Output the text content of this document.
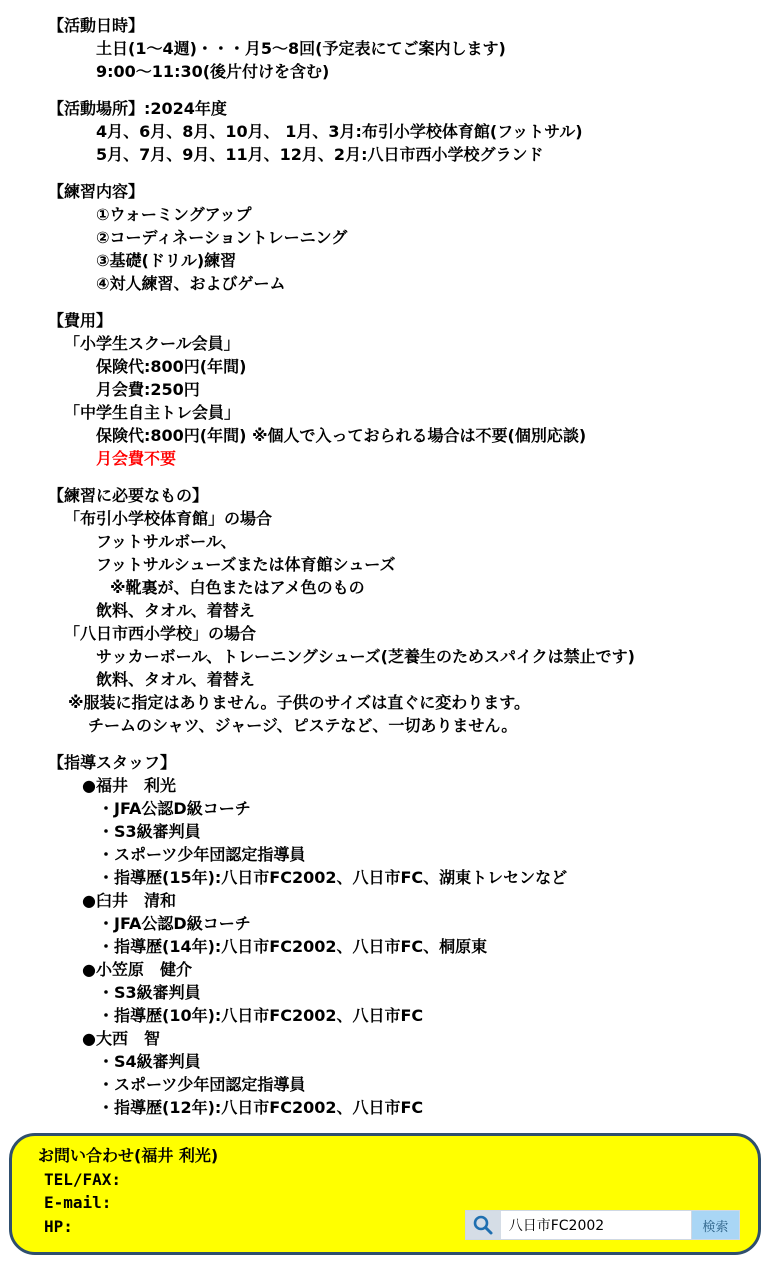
【活動日時】
土日(1～4週)・・・月5～8回(予定表にてご案内します)
9:00～11:30(後片付けを含む)
【活動場所】:2024年度
4月、6月、8月、10月、 1月、3月:布引小学校体育館(フットサル)
5月、7月、9月、11月、12月、2月:八日市西小学校グランド
【練習内容】
①ウォーミングアップ
②コーディネーショントレーニング
③基礎(ドリル)練習
④対人練習、およびゲーム
【費用】
「小学生スクール会員」
保険代:800円(年間)
月会費:250円
「中学生自主トレ会員」
保険代:800円(年間) ※個人で入っておられる場合は不要(個別応談)
月会費不要
【練習に必要なもの】
「布引小学校体育館」の場合
フットサルボール、
フットサルシューズまたは体育館シューズ
※靴裏が、白色またはアメ色のもの
飲料、タオル、着替え
「八日市西小学校」の場合
サッカーボール、トレーニングシューズ(芝養生のためスパイクは禁止です)
飲料、タオル、着替え
※服装に指定はありません。子供のサイズは直ぐに変わります。
チームのシャツ、ジャージ、ピステなど、一切ありません。
【指導スタッフ】
●福井　利光
・JFA公認D級コーチ
・S3級審判員
・スポーツ少年団認定指導員
・指導歴(15年):八日市FC2002、八日市FC、湖東トレセンなど
●臼井　清和
・JFA公認D級コーチ
・指導歴(14年):八日市FC2002、八日市FC、桐原東
●小笠原　健介
・S3級審判員
・指導歴(10年):八日市FC2002、八日市FC
●大西　智
・S4級審判員
・スポーツ少年団認定指導員
・指導歴(12年):八日市FC2002、八日市FC
お問い合わせ(福井 利光)
TEL/FAX:
E-mail:
HP:
八日市FC2002	検索
